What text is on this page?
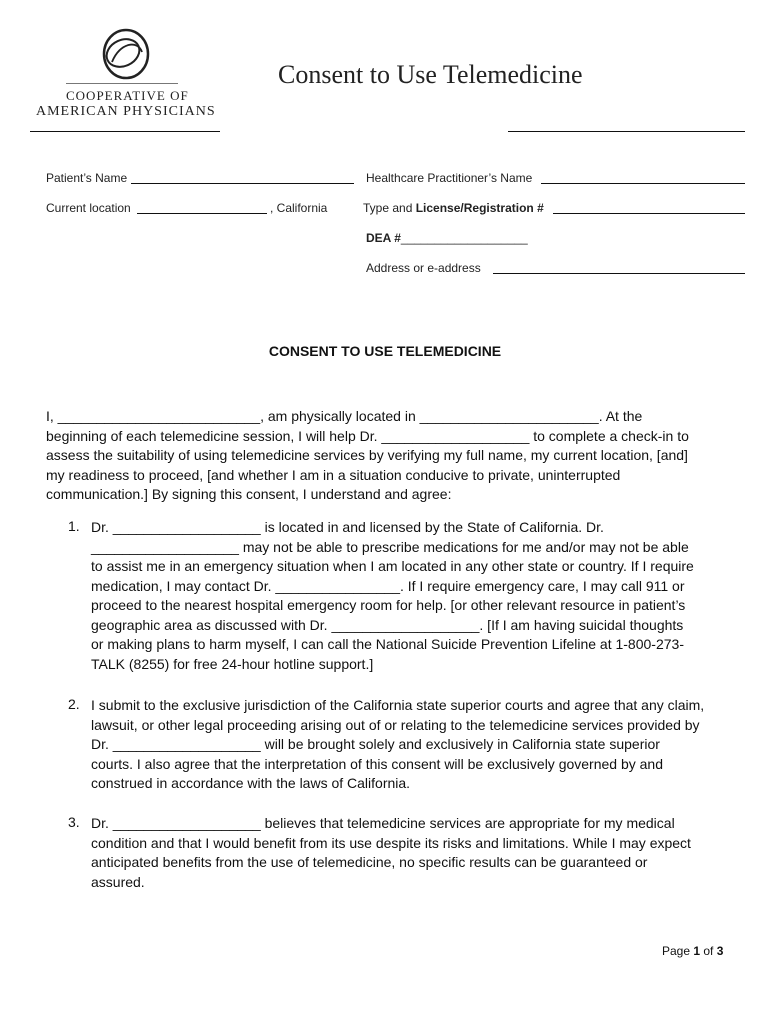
COOPERATIVE OF
AMERICAN PHYSICIANS
Consent to Use Telemedicine
Patient’s Name
Current location	, California
Healthcare Practitioner’s Name
Type and License/Registration #
DEA #___________________
Address or e-address
CONSENT TO USE TELEMEDICINE
I, __________________________, am physically located in _______________________. At the
beginning of each telemedicine session, I will help Dr. ___________________ to complete a check-in to
assess the suitability of using telemedicine services by verifying my full name, my current location, [and]
my readiness to proceed, [and whether I am in a situation conducive to private, uninterrupted
communication.] By signing this consent, I understand and agree:
1. Dr. ___________________ is located in and licensed by the State of California. Dr.
___________________ may not be able to prescribe medications for me and/or may not be able
to assist me in an emergency situation when I am located in any other state or country. If I require
medication, I may contact Dr. ________________. If I require emergency care, I may call 911 or
proceed to the nearest hospital emergency room for help. [or other relevant resource in patient’s
geographic area as discussed with Dr. ___________________. [If I am having suicidal thoughts
or making plans to harm myself, I can call the National Suicide Prevention Lifeline at 1-800-273-
TALK (8255) for free 24-hour hotline support.]
2. I submit to the exclusive jurisdiction of the California state superior courts and agree that any claim,
lawsuit, or other legal proceeding arising out of or relating to the telemedicine services provided by
Dr. ___________________ will be brought solely and exclusively in California state superior
courts. I also agree that the interpretation of this consent will be exclusively governed by and
construed in accordance with the laws of California.
3. Dr. ___________________ believes that telemedicine services are appropriate for my medical
condition and that I would benefit from its use despite its risks and limitations. While I may expect
anticipated benefits from the use of telemedicine, no specific results can be guaranteed or
assured.
Page 1 of 3
